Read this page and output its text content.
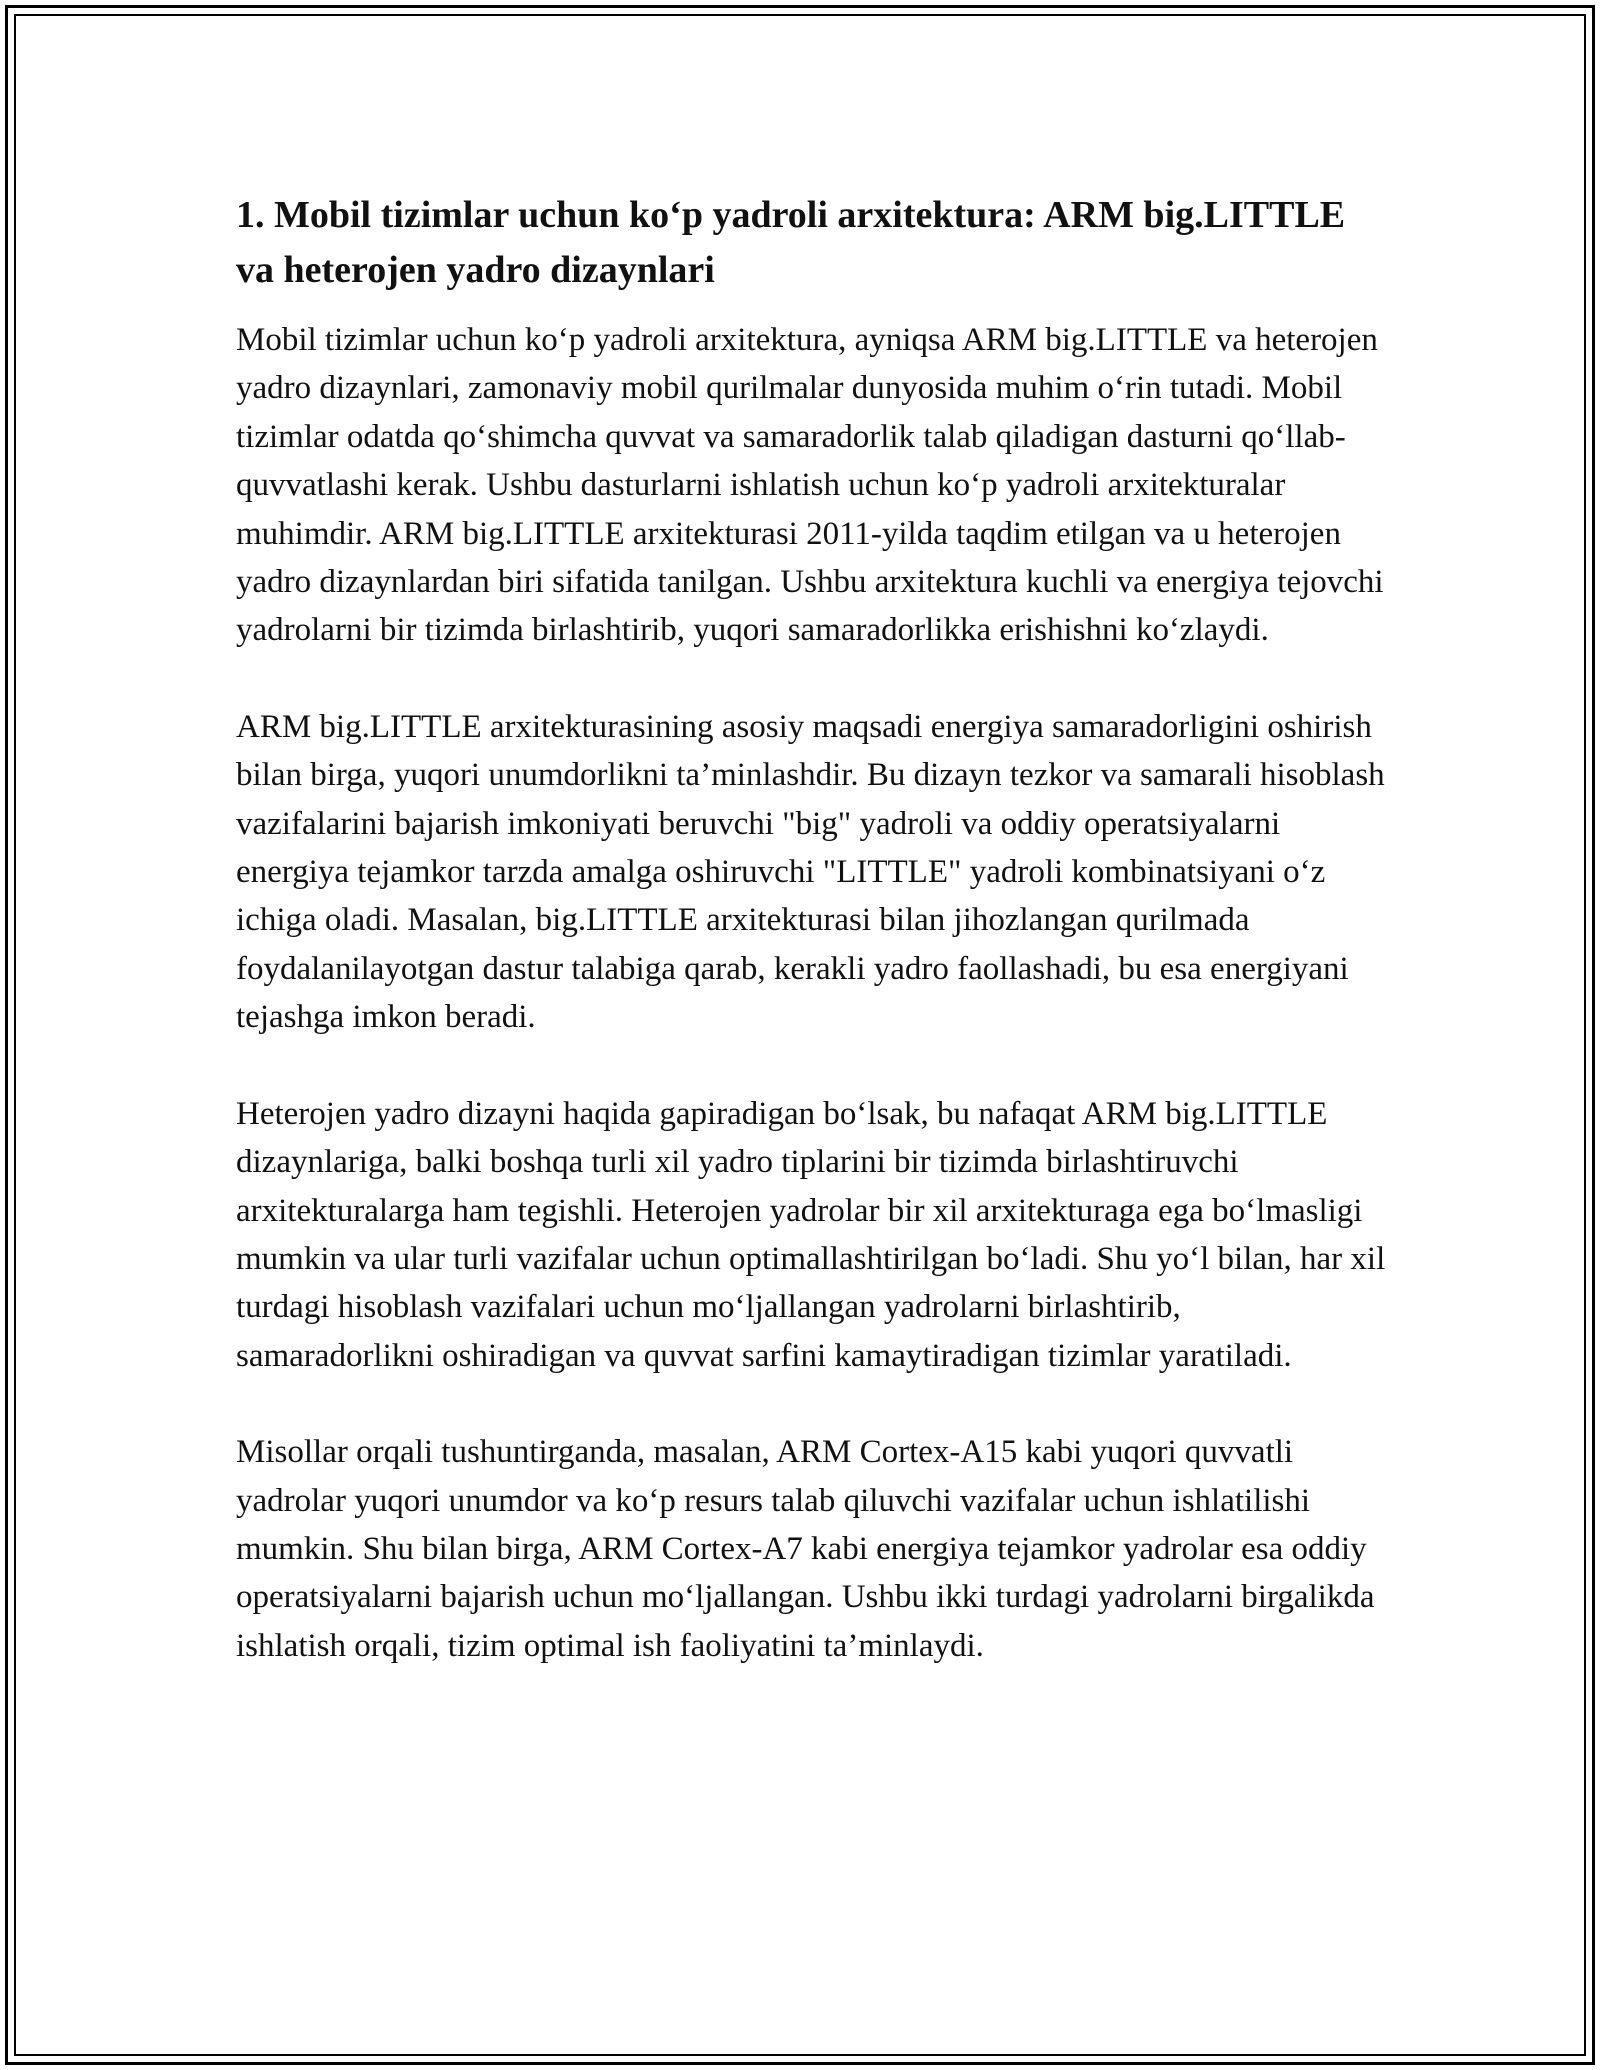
1. Mobil tizimlar uchun ko‘p yadroli arxitektura: ARM big.LITTLE va heterojen yadro dizaynlari

Mobil tizimlar uchun ko‘p yadroli arxitektura, ayniqsa ARM big.LITTLE va heterojen yadro dizaynlari, zamonaviy mobil qurilmalar dunyosida muhim o‘rin tutadi. Mobil tizimlar odatda qo‘shimcha quvvat va samaradorlik talab qiladigan dasturni qo‘llab-quvvatlashi kerak. Ushbu dasturlarni ishlatish uchun ko‘p yadroli arxitekturalar muhimdir. ARM big.LITTLE arxitekturasi 2011-yilda taqdim etilgan va u heterojen yadro dizaynlardan biri sifatida tanilgan. Ushbu arxitektura kuchli va energiya tejovchi yadrolarni bir tizimda birlashtirib, yuqori samaradorlikka erishishni ko‘zlaydi.

ARM big.LITTLE arxitekturasining asosiy maqsadi energiya samaradorligini oshirish bilan birga, yuqori unumdorlikni ta’minlashdir. Bu dizayn tezkor va samarali hisoblash vazifalarini bajarish imkoniyati beruvchi "big" yadroli va oddiy operatsiyalarni energiya tejamkor tarzda amalga oshiruvchi "LITTLE" yadroli kombinatsiyani o‘z ichiga oladi. Masalan, big.LITTLE arxitekturasi bilan jihozlangan qurilmada foydalanilayotgan dastur talabiga qarab, kerakli yadro faollashadi, bu esa energiyani tejashga imkon beradi.

Heterojen yadro dizayni haqida gapiradigan bo‘lsak, bu nafaqat ARM big.LITTLE dizaynlariga, balki boshqa turli xil yadro tiplarini bir tizimda birlashtiruvchi arxitekturalarga ham tegishli. Heterojen yadrolar bir xil arxitekturaga ega bo‘lmasligi mumkin va ular turli vazifalar uchun optimallashtirilgan bo‘ladi. Shu yo‘l bilan, har xil turdagi hisoblash vazifalari uchun mo‘ljallangan yadrolarni birlashtirib, samaradorlikni oshiradigan va quvvat sarfini kamaytiradigan tizimlar yaratiladi.

Misollar orqali tushuntirganda, masalan, ARM Cortex-A15 kabi yuqori quvvatli yadrolar yuqori unumdor va ko‘p resurs talab qiluvchi vazifalar uchun ishlatilishi mumkin. Shu bilan birga, ARM Cortex-A7 kabi energiya tejamkor yadrolar esa oddiy operatsiyalarni bajarish uchun mo‘ljallangan. Ushbu ikki turdagi yadrolarni birgalikda ishlatish orqali, tizim optimal ish faoliyatini ta’minlaydi.
